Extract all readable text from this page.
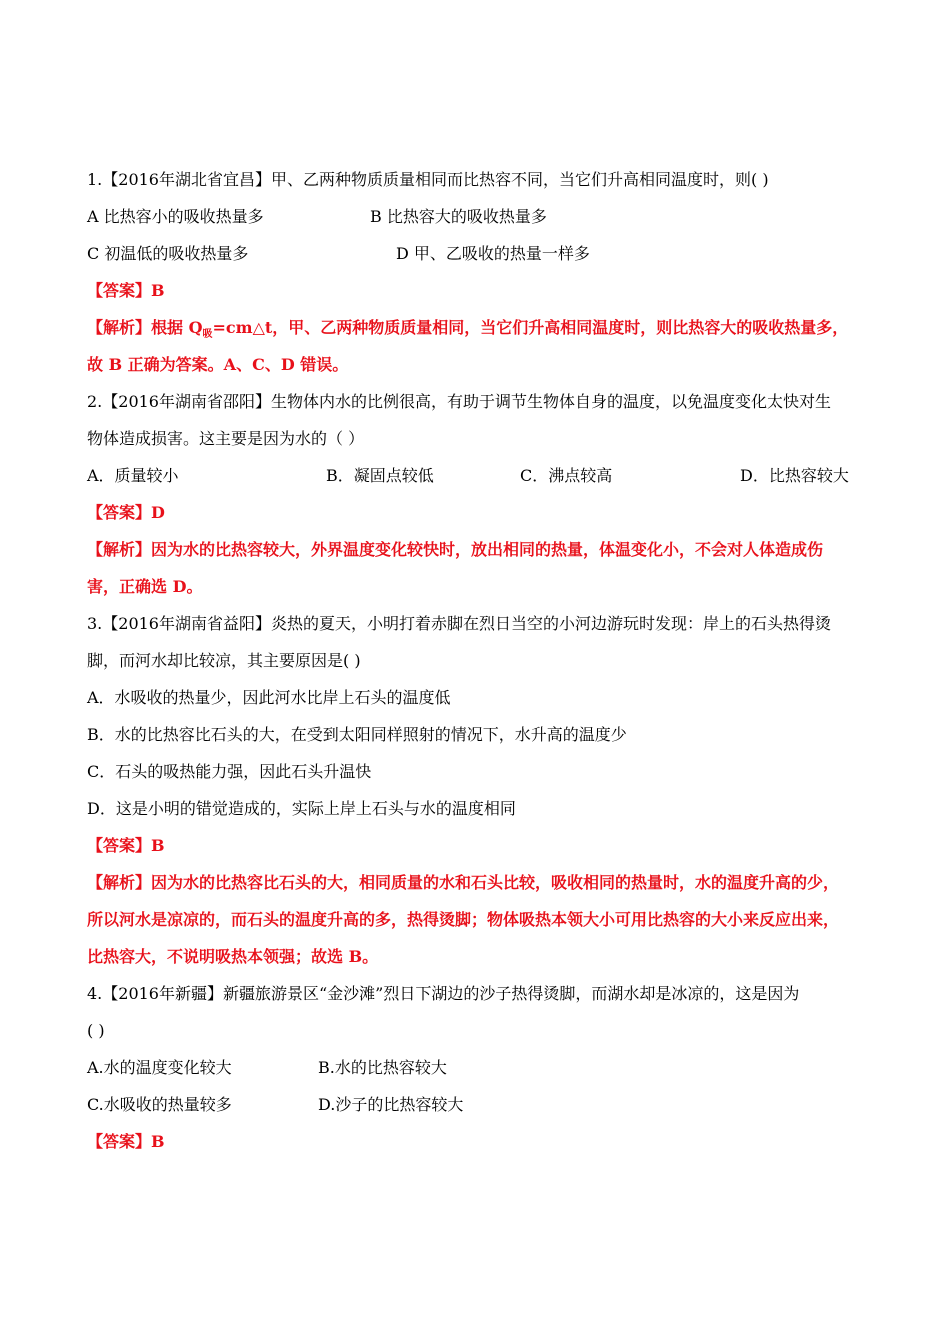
1.【2016年湖北省宜昌】甲、乙两种物质质量相同而比热容不同，当它们升高相同温度时，则( )
A 比热容小的吸收热量多	B 比热容大的吸收热量多
C 初温低的吸收热量多	D 甲、乙吸收的热量一样多
【答案】B
【解析】根据 $Q_吸=cm\triangle t$，甲、乙两种物质质量相同，当它们升高相同温度时，则比热容大的吸收热量多，
故 B 正确为答案。A、C、D 错误。
2.【2016年湖南省邵阳】生物体内水的比例很高，有助于调节生物体自身的温度，以免温度变化太快对生
物体造成损害。这主要是因为水的（ ）
A．质量较小	B．凝固点较低	C．沸点较高	D．比热容较大
【答案】D
【解析】因为水的比热容较大，外界温度变化较快时，放出相同的热量，体温变化小，不会对人体造成伤
害，正确选 D。
3.【2016年湖南省益阳】炎热的夏天，小明打着赤脚在烈日当空的小河边游玩时发现：岸上的石头热得烫
脚，而河水却比较凉，其主要原因是( )
A．水吸收的热量少，因此河水比岸上石头的温度低
B．水的比热容比石头的大，在受到太阳同样照射的情况下，水升高的温度少
C．石头的吸热能力强，因此石头升温快
D．这是小明的错觉造成的，实际上岸上石头与水的温度相同
【答案】B
【解析】因为水的比热容比石头的大，相同质量的水和石头比较，吸收相同的热量时，水的温度升高的少，
所以河水是凉凉的，而石头的温度升高的多，热得烫脚；物体吸热本领大小可用比热容的大小来反应出来，
比热容大，不说明吸热本领强；故选 B。
4.【2016年新疆】新疆旅游景区“金沙滩”烈日下湖边的沙子热得烫脚，而湖水却是冰凉的，这是因为
( )
A.水的温度变化较大	B.水的比热容较大
C.水吸收的热量较多	D.沙子的比热容较大
【答案】B
